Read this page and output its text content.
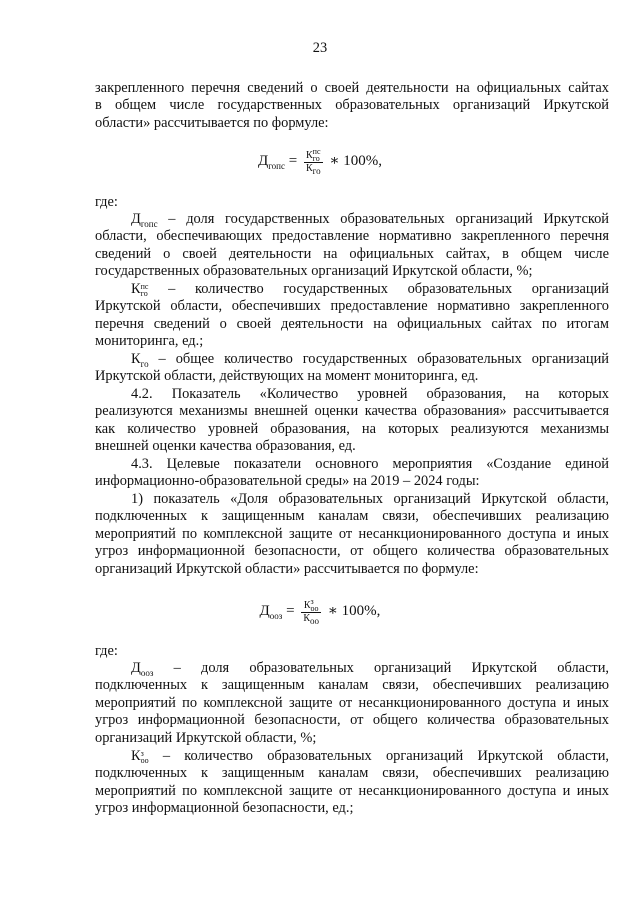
23
закрепленного перечня сведений о своей деятельности на официальных сайтах
в общем числе государственных образовательных организаций Иркутской
области» рассчитывается по формуле:
$Д_{гопс} = К$ пс
го
$К_{го}$ ∗ 100%,
где:
$Д_{гопс}$ – доля государственных образовательных организаций Иркутской
области, обеспечивающих предоставление нормативно закрепленного перечня
сведений о своей деятельности на официальных сайтах, в общем числе
государственных образовательных организаций Иркутской области, %;
К пс
го – количество государственных образовательных организаций
Иркутской области, обеспечивших предоставление нормативно закрепленного
перечня сведений о своей деятельности на официальных сайтах по итогам
мониторинга, ед.;
$К_{го}$ – общее количество государственных образовательных организаций
Иркутской области, действующих на момент мониторинга, ед.
4.2. Показатель «Количество уровней образования, на которых
реализуются механизмы внешней оценки качества образования» рассчитывается
как количество уровней образования, на которых реализуются механизмы
внешней оценки качества образования, ед.
4.3. Целевые показатели основного мероприятия «Создание единой
информационно-образовательной среды» на 2019 – 2024 годы:
1) показатель «Доля образовательных организаций Иркутской области,
подключенных к защищенным каналам связи, обеспечивших реализацию
мероприятий по комплексной защите от несанкционированного доступа и иных
угроз информационной безопасности, от общего количества образовательных
организаций Иркутской области» рассчитывается по формуле:
$Д_{ооз} = К$ з
оо
$К_{оо}$ ∗ 100%,
где:
$Д_{ооз}$ – доля образовательных организаций Иркутской области,
подключенных к защищенным каналам связи, обеспечивших реализацию
мероприятий по комплексной защите от несанкционированного доступа и иных
угроз информационной безопасности, от общего количества образовательных
организаций Иркутской области, %;
К з
оо – количество образовательных организаций Иркутской области,
подключенных к защищенным каналам связи, обеспечивших реализацию
мероприятий по комплексной защите от несанкционированного доступа и иных
угроз информационной безопасности, ед.;
